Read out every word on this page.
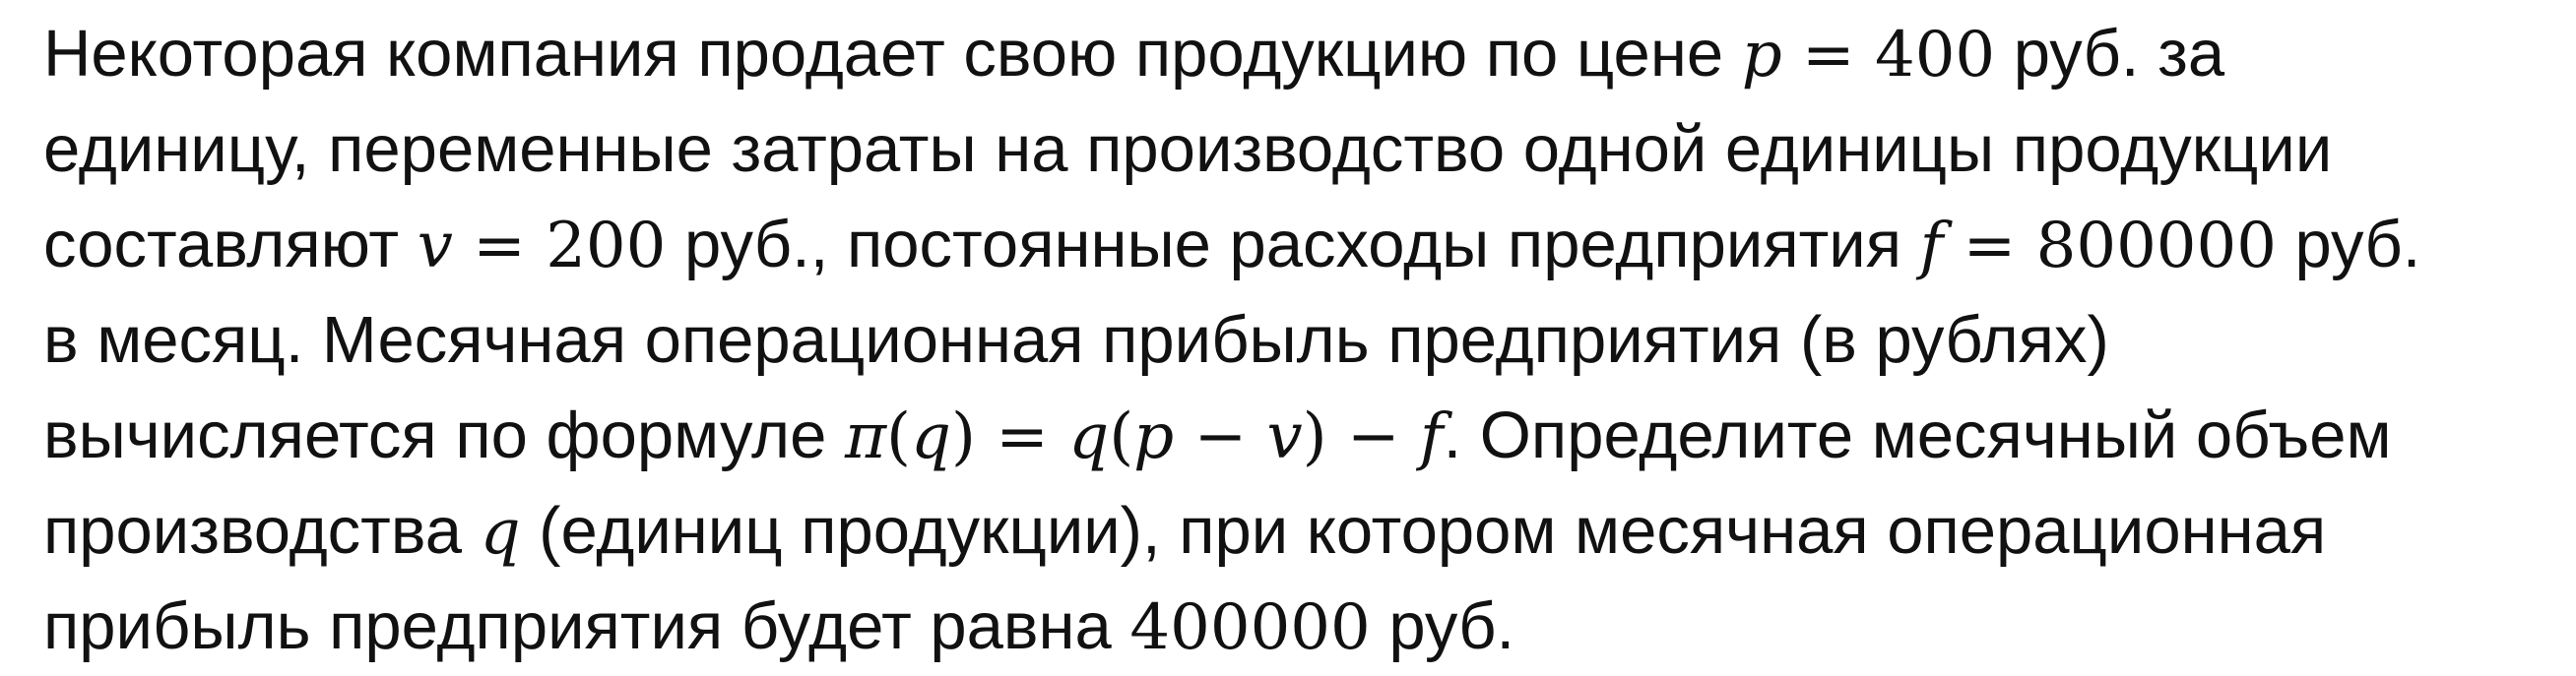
Некоторая компания продает свою продукцию по цене p = 400 руб. за
единицу, переменные затраты на производство одной единицы продукции
составляют v = 200 руб., постоянные расходы предприятия f = 800000 руб.
в месяц. Месячная операционная прибыль предприятия (в рублях)
вычисляется по формуле π(q) = q(p − v) − f. Определите месячный объем
производства q (единиц продукции), при котором месячная операционная
прибыль предприятия будет равна 400000 руб.
